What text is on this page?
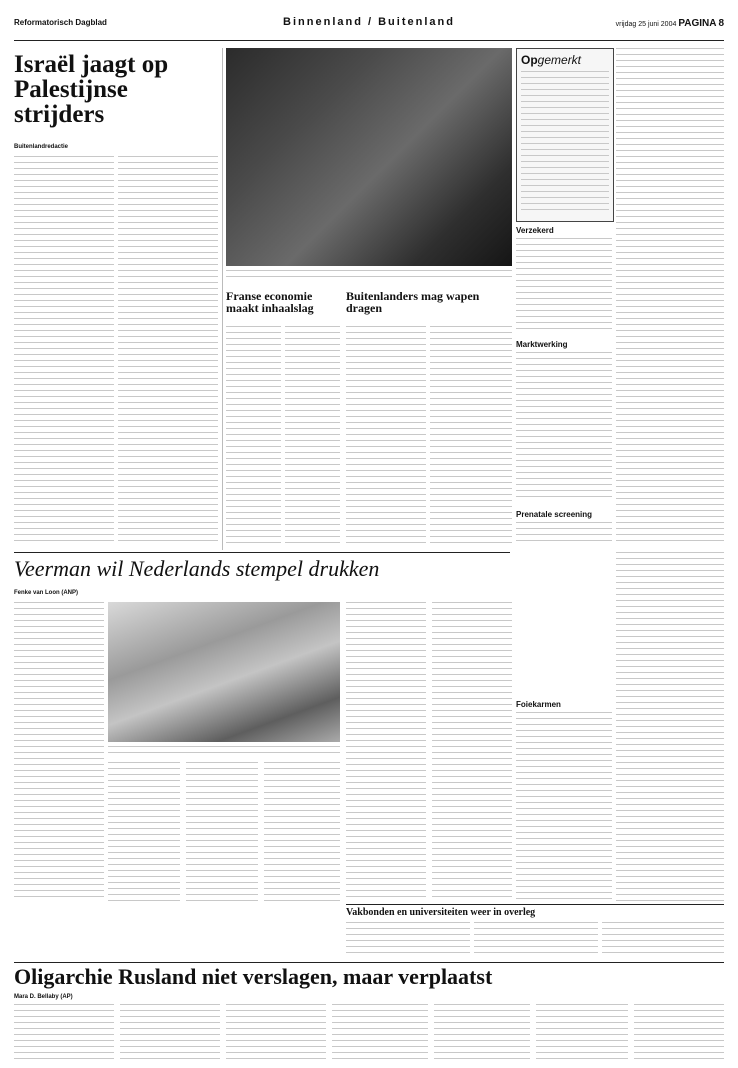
Reformatorisch Dagblad	Binnenland / Buitenland	vrijdag 25 juni 2004 PAGINA 8
Israël jaagt op Palestijnse strijders
Buitenlandredactie
Franse economie maakt inhaalslag
Buitenlanders mag wapen dragen
Opgemerkt
Verzekerd
Marktwerking
Prenatale screening
Veerman wil Nederlands stempel drukken
Fenke van Loon (ANP)
Foiekarmen
Vakbonden en universiteiten weer in overleg
Oligarchie Rusland niet verslagen, maar verplaatst
Mara D. Bellaby (AP)
